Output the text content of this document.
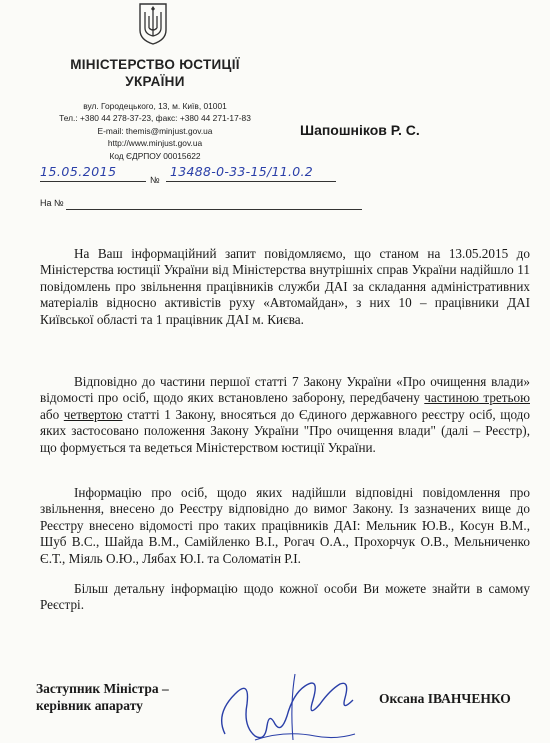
МІНІСТЕРСТВО ЮСТИЦІЇ
УКРАЇНИ
вул. Городецького, 13, м. Київ, 01001
Тел.: +380 44 278-37-23, факс: +380 44 271-17-83
E-mail: themis@minjust.gov.ua
http://www.minjust.gov.ua
Код ЄДРПОУ 00015622
Шапошніков Р. С.
15.05.2015
№
13488-0-33-15/11.0.2
На №
На Ваш інформаційний запит повідомляємо, що станом на 13.05.2015 до Міністерства юстиції України від Міністерства внутрішніх справ України надійшло 11 повідомлень про звільнення працівників служби ДАІ за складання адміністративних матеріалів відносно активістів руху «Автомайдан», з них 10 – працівники ДАІ Київської області та 1 працівник ДАІ м. Києва.
Відповідно до частини першої статті 7 Закону України «Про очищення влади» відомості про осіб, щодо яких встановлено заборону, передбачену частиною третьою або четвертою статті 1 Закону, вносяться до Єдиного державного реєстру осіб, щодо яких застосовано положення Закону України "Про очищення влади" (далі – Реєстр), що формується та ведеться Міністерством юстиції України.
Інформацію про осіб, щодо яких надійшли відповідні повідомлення про звільнення, внесено до Реєстру відповідно до вимог Закону. Із зазначених вище до Реєстру внесено відомості про таких працівників ДАІ: Мельник Ю.В., Косун В.М., Шуб В.С., Шайда В.М., Самійленко В.І., Рогач О.А., Прохорчук О.В., Мельниченко Є.Т., Міяль О.Ю., Лябах Ю.І. та Соломатін Р.І.
Більш детальну інформацію щодо кожної особи Ви можете знайти в самому Реєстрі.
Заступник Міністра –
керівник апарату	Оксана ІВАНЧЕНКО
